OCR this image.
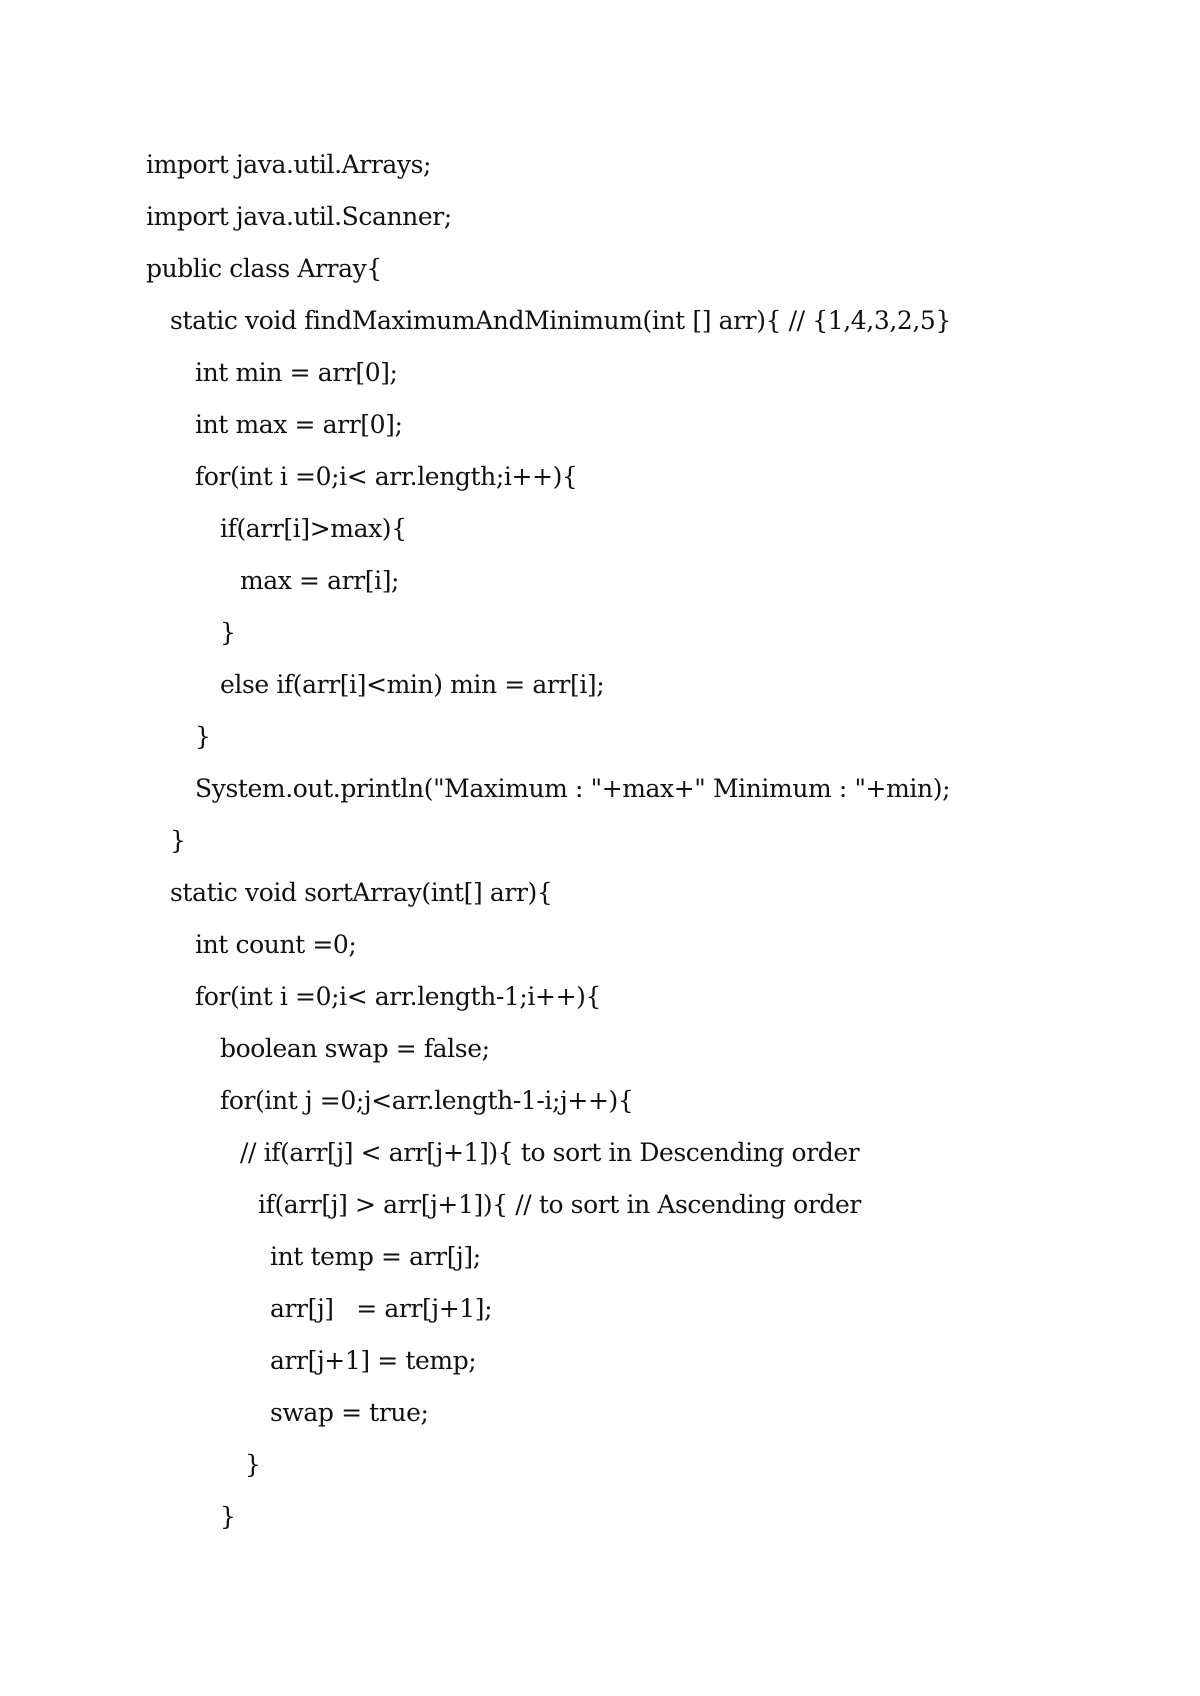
import java.util.Arrays;
import java.util.Scanner;
public class Array{
static void findMaximumAndMinimum(int [] arr){ // {1,4,3,2,5}
int min = arr[0];
int max = arr[0];
for(int i =0;i< arr.length;i++){
if(arr[i]>max){
max = arr[i];
}
else if(arr[i]<min) min = arr[i];
}
System.out.println("Maximum : "+max+" Minimum : "+min);
}
static void sortArray(int[] arr){
int count =0;
for(int i =0;i< arr.length-1;i++){
boolean swap = false;
for(int j =0;j<arr.length-1-i;j++){
// if(arr[j] < arr[j+1]){ to sort in Descending order
if(arr[j] > arr[j+1]){ // to sort in Ascending order
int temp = arr[j];
arr[j]   = arr[j+1];
arr[j+1] = temp;
swap = true;
}
}
